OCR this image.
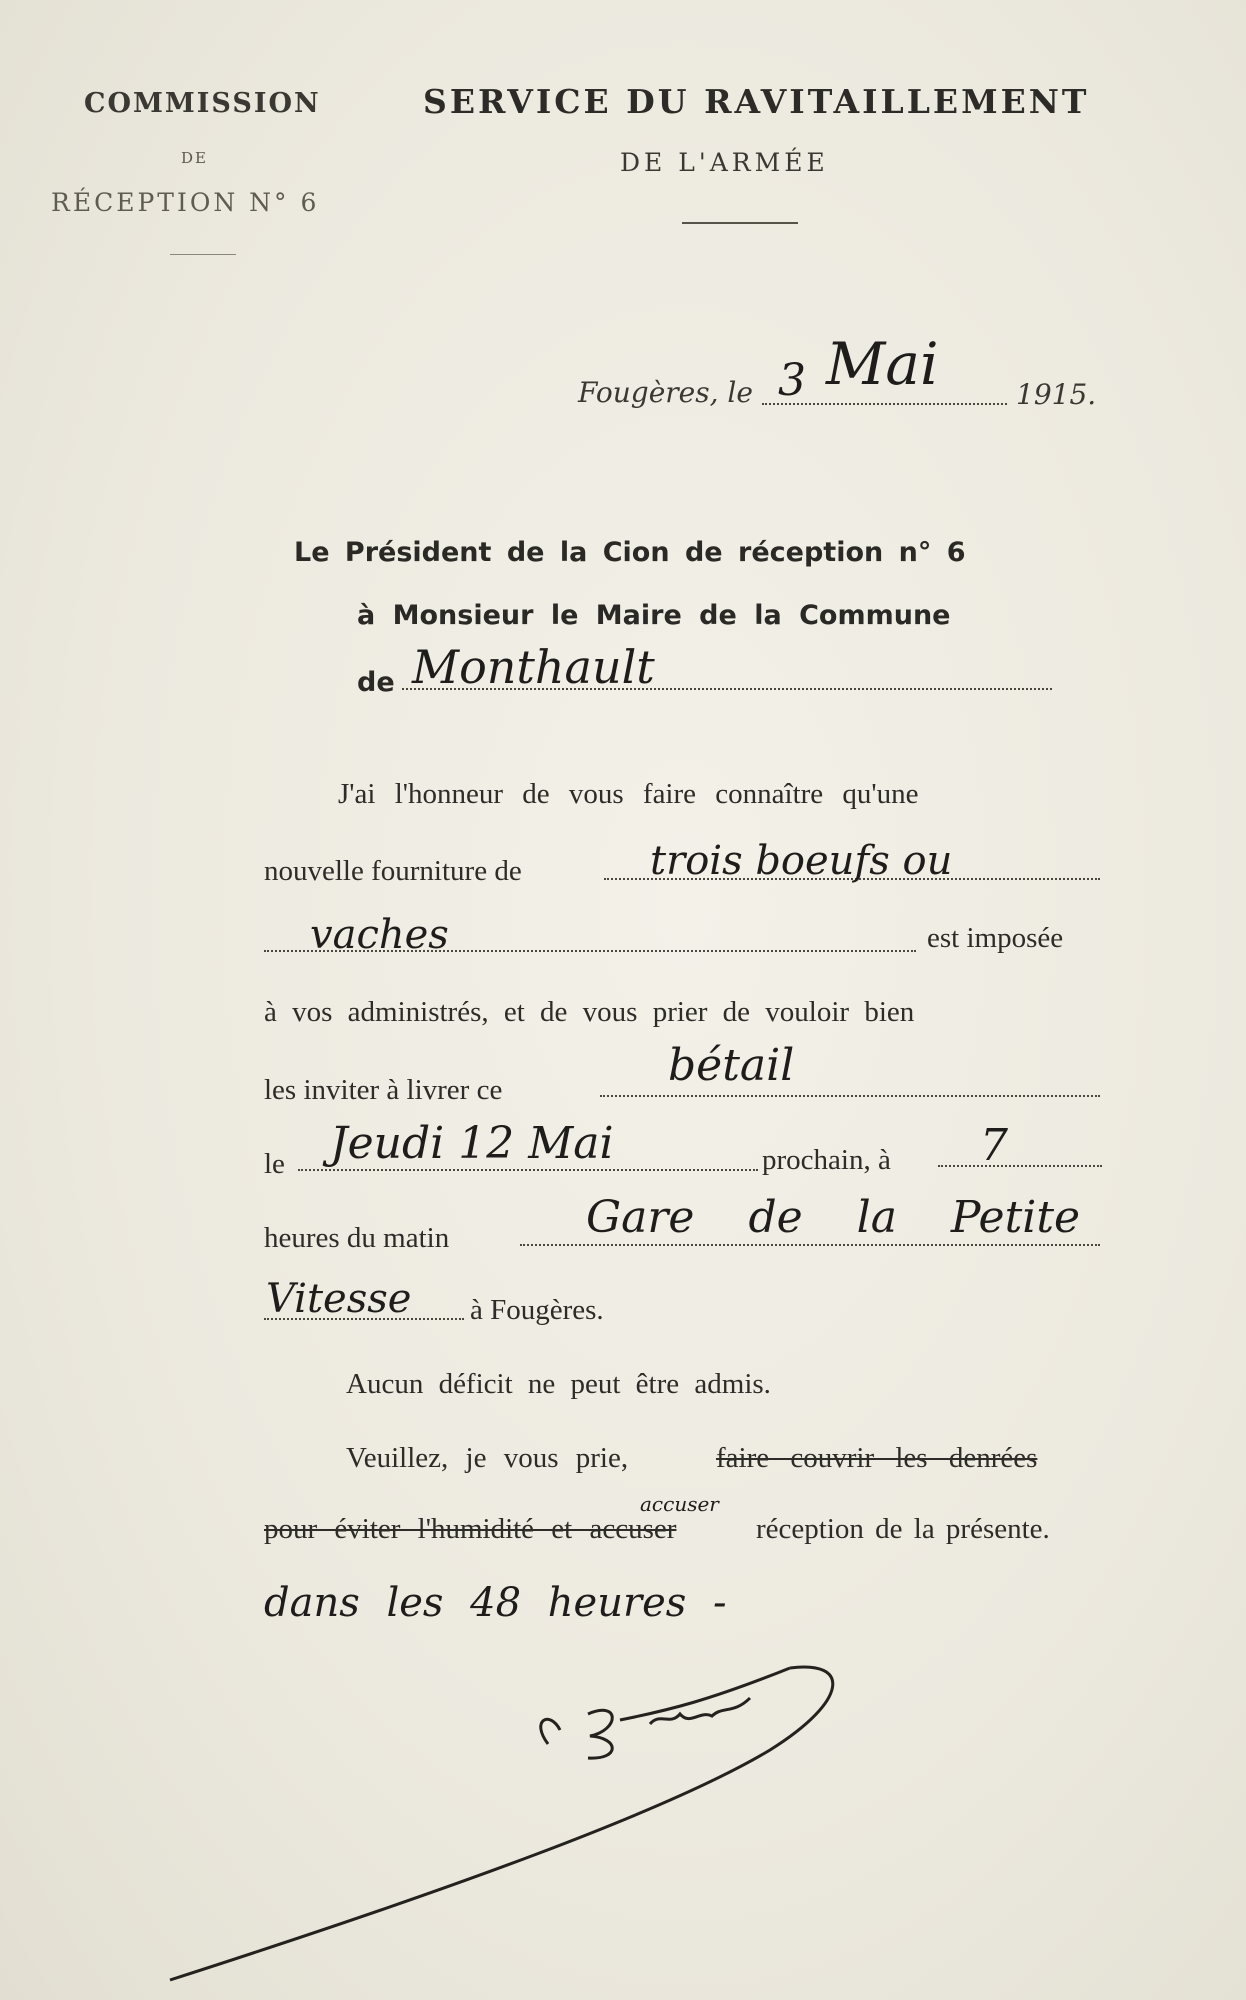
COMMISSION
DE
RÉCEPTION N° 6
SERVICE DU RAVITAILLEMENT
DE L'ARMÉE
Fougères, le 3 Mai	1915.
Le Président de la Cion de réception n° 6
à Monsieur le Maire de la Commune
de Monthault
J'ai l'honneur de vous faire connaître qu'une
nouvelle fourniture de	trois boeufs ou
vaches	est imposée
à vos administrés, et de vous prier de vouloir bien
les inviter à livrer ce	bétail
le Jeudi 12 Mai	prochain, à 7
heures du matin	Gare de la Petite
Vitesse à Fougères.
Aucun déficit ne peut être admis.
Veuillez, je vous prie,	faire couvrir les denrées
pour éviter l'humidité et accuser
accuser
réception de la présente.
dans les 48 heures -
